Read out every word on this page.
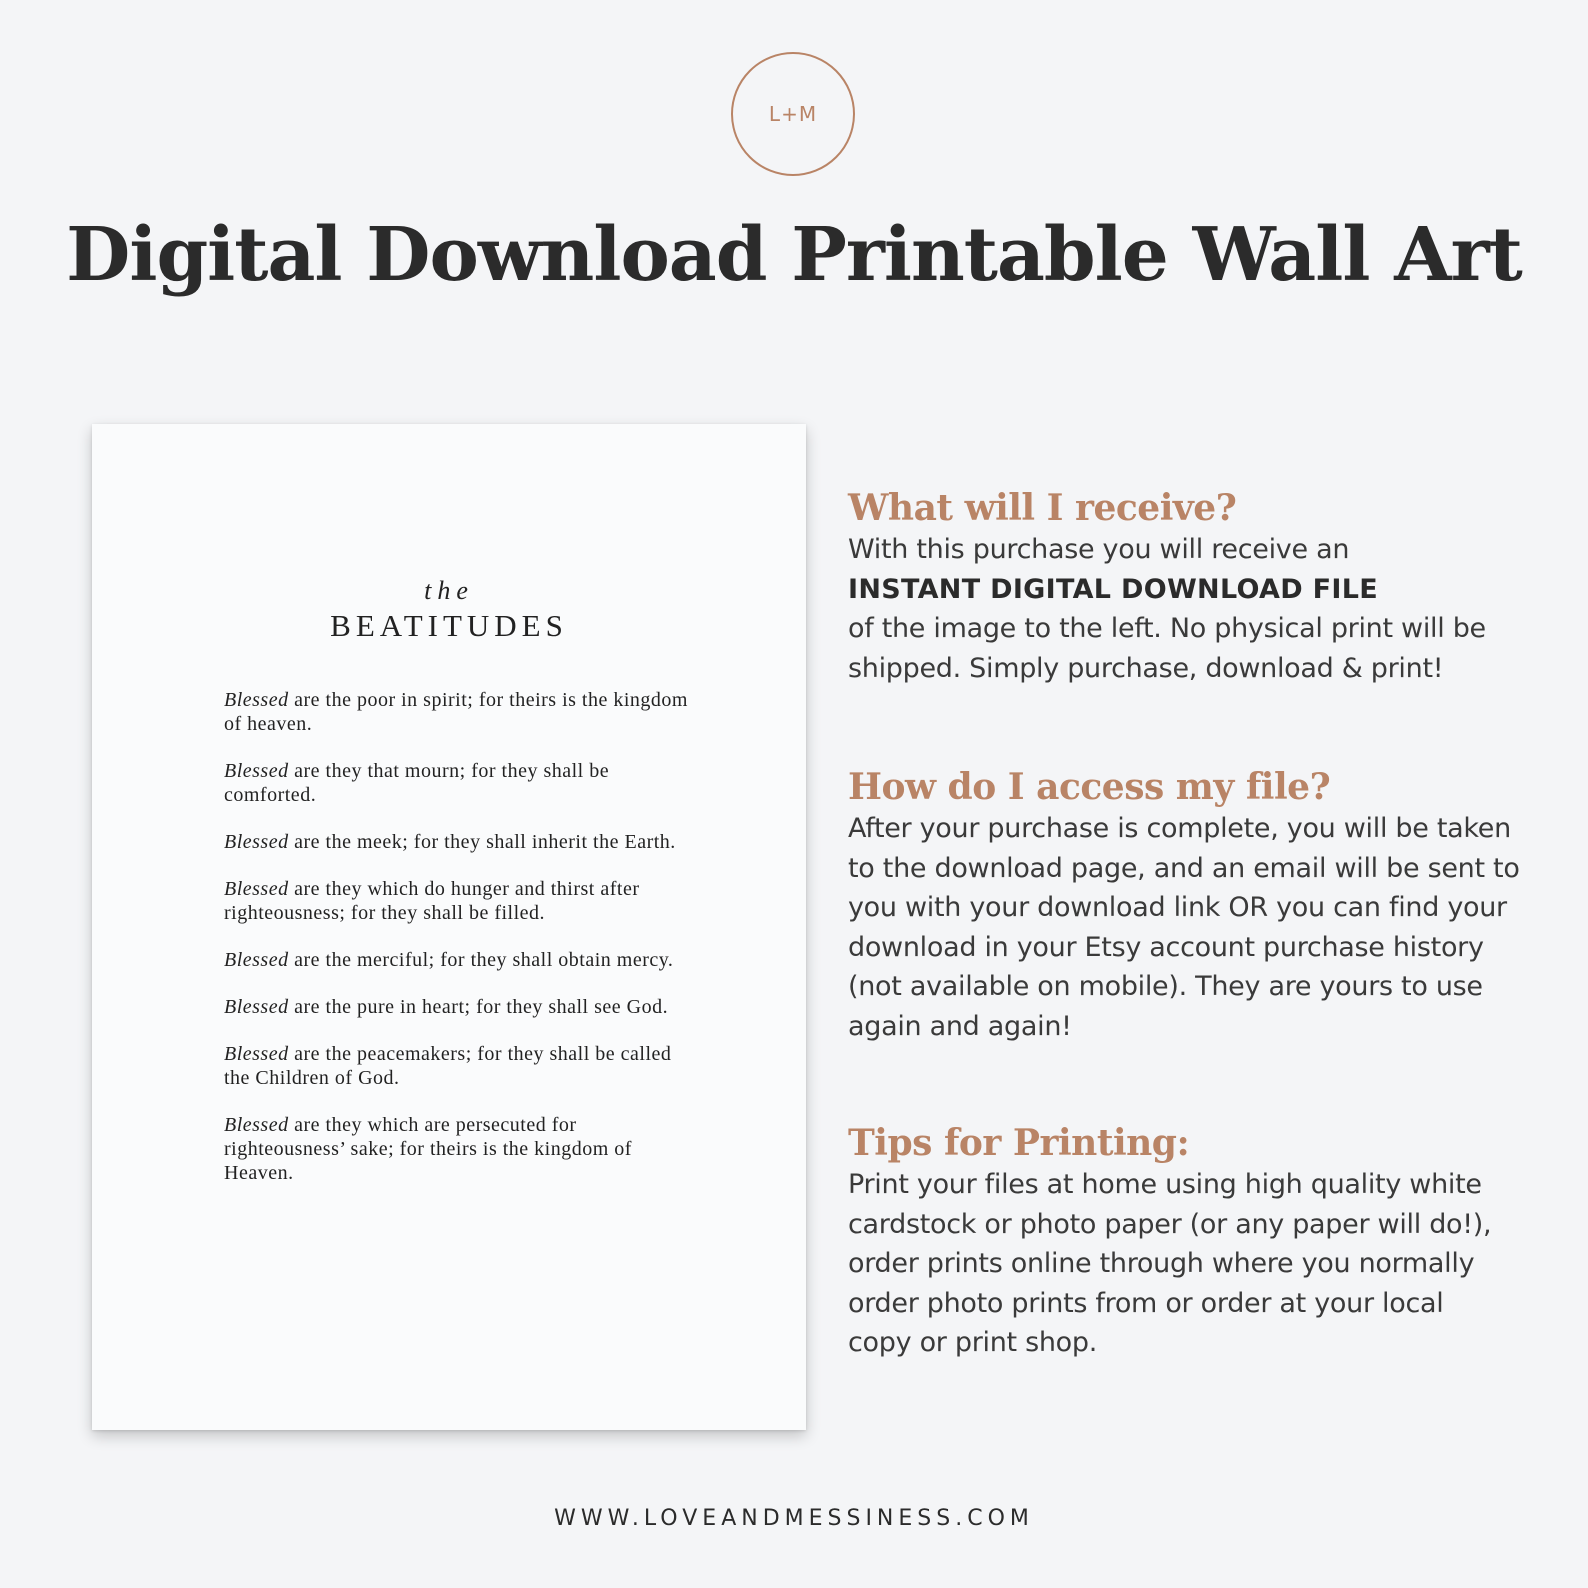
L+M
Digital Download Printable Wall Art
the
BEATITUDES

Blessed are the poor in spirit; for theirs is the kingdom of heaven.

Blessed are they that mourn; for they shall be comforted.

Blessed are the meek; for they shall inherit the Earth.

Blessed are they which do hunger and thirst after righteousness; for they shall be filled.

Blessed are the merciful; for they shall obtain mercy.

Blessed are the pure in heart; for they shall see God.

Blessed are the peacemakers; for they shall be called the Children of God.

Blessed are they which are persecuted for righteousness’ sake; for theirs is the kingdom of Heaven.

What will I receive?

With this purchase you will receive an

INSTANT DIGITAL DOWNLOAD FILE

of the image to the left. No physical print will be shipped. Simply purchase, download & print!

How do I access my file?

After your purchase is complete, you will be taken to the download page, and an email will be sent to you with your download link OR you can find your download in your Etsy account purchase history (not available on mobile). They are yours to use again and again!

Tips for Printing:

Print your files at home using high quality white cardstock or photo paper (or any paper will do!), order prints online through where you normally order photo prints from or order at your local copy or print shop.

WWW.LOVEANDMESSINESS.COM
